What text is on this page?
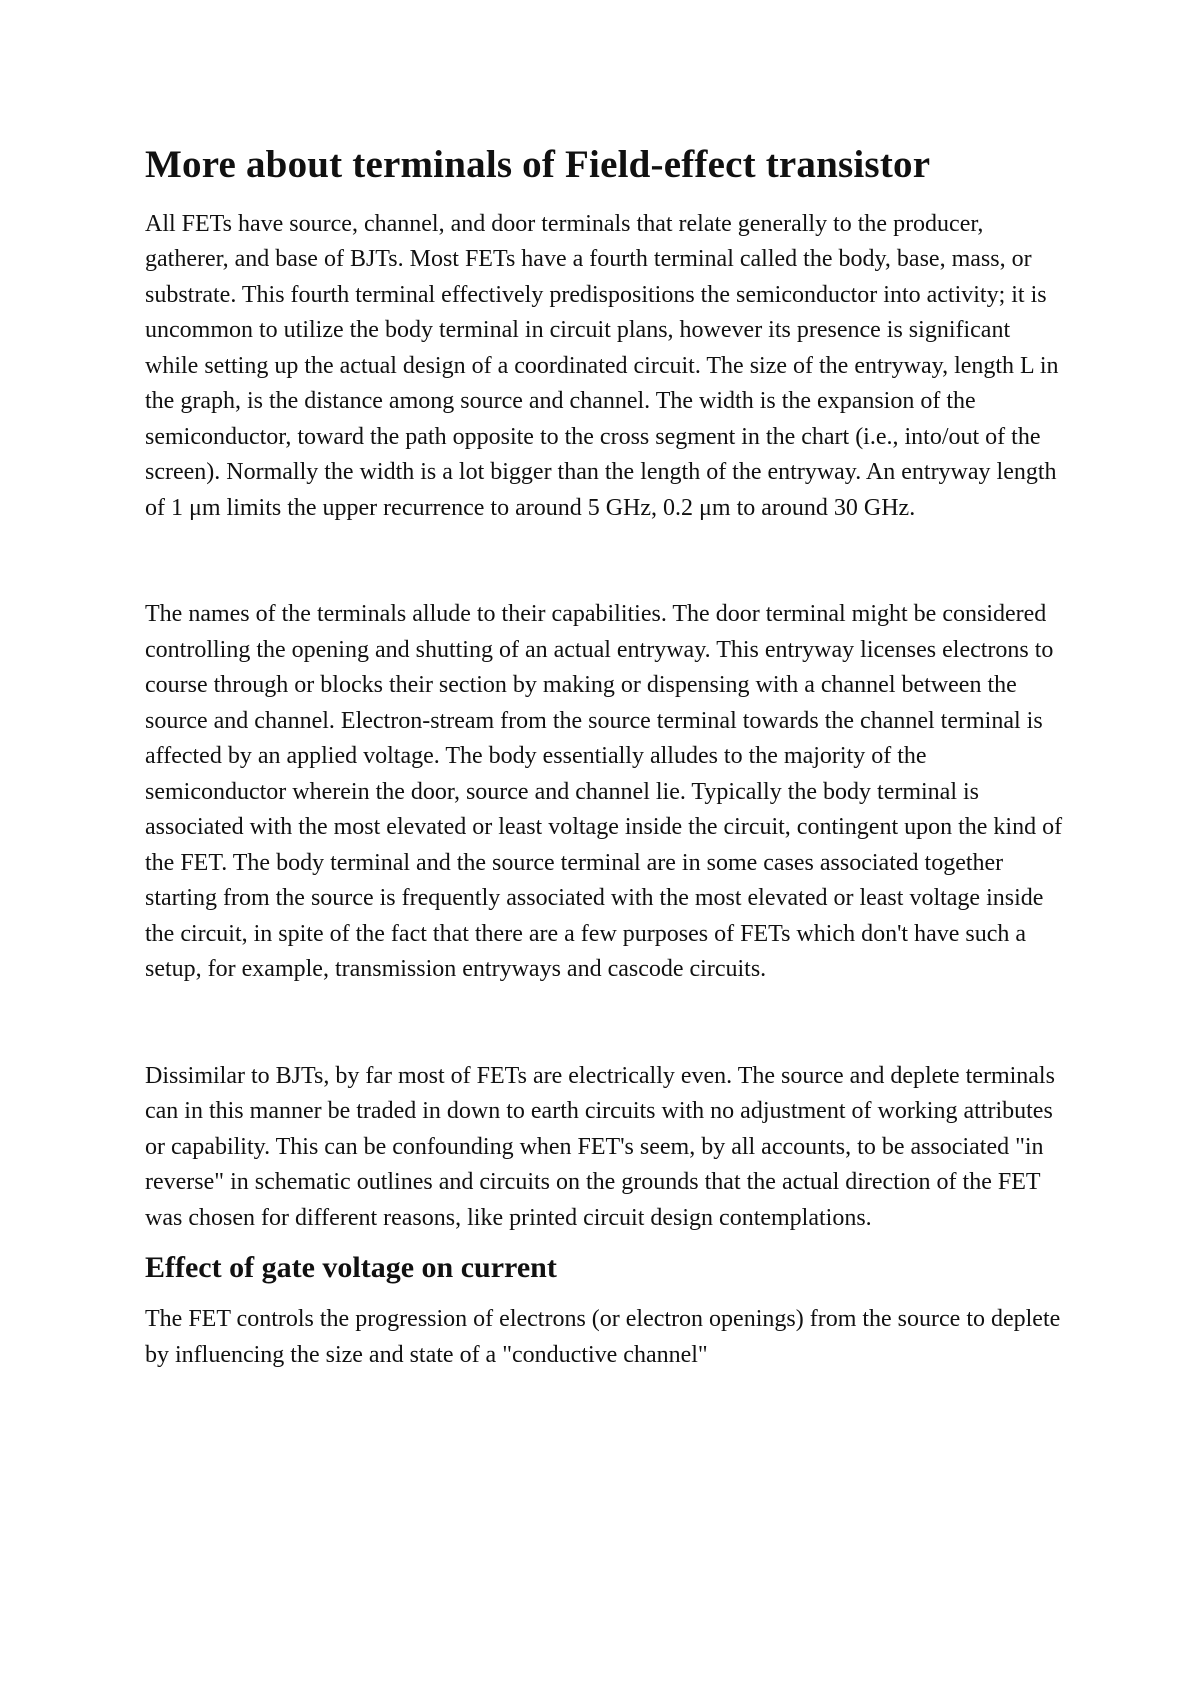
More about terminals of Field-effect transistor

All FETs have source, channel, and door terminals that relate generally to the producer, gatherer, and base of BJTs. Most FETs have a fourth terminal called the body, base, mass, or substrate. This fourth terminal effectively predispositions the semiconductor into activity; it is uncommon to utilize the body terminal in circuit plans, however its presence is significant while setting up the actual design of a coordinated circuit. The size of the entryway, length L in the graph, is the distance among source and channel. The width is the expansion of the semiconductor, toward the path opposite to the cross segment in the chart (i.e., into/out of the screen). Normally the width is a lot bigger than the length of the entryway. An entryway length of 1 μm limits the upper recurrence to around 5 GHz, 0.2 μm to around 30 GHz.

The names of the terminals allude to their capabilities. The door terminal might be considered controlling the opening and shutting of an actual entryway. This entryway licenses electrons to course through or blocks their section by making or dispensing with a channel between the source and channel. Electron-stream from the source terminal towards the channel terminal is affected by an applied voltage. The body essentially alludes to the majority of the semiconductor wherein the door, source and channel lie. Typically the body terminal is associated with the most elevated or least voltage inside the circuit, contingent upon the kind of the FET. The body terminal and the source terminal are in some cases associated together starting from the source is frequently associated with the most elevated or least voltage inside the circuit, in spite of the fact that there are a few purposes of FETs which don't have such a setup, for example, transmission entryways and cascode circuits.

Dissimilar to BJTs, by far most of FETs are electrically even. The source and deplete terminals can in this manner be traded in down to earth circuits with no adjustment of working attributes or capability. This can be confounding when FET's seem, by all accounts, to be associated "in reverse" in schematic outlines and circuits on the grounds that the actual direction of the FET was chosen for different reasons, like printed circuit design contemplations.

Effect of gate voltage on current

The FET controls the progression of electrons (or electron openings) from the source to deplete by influencing the size and state of a "conductive channel"
